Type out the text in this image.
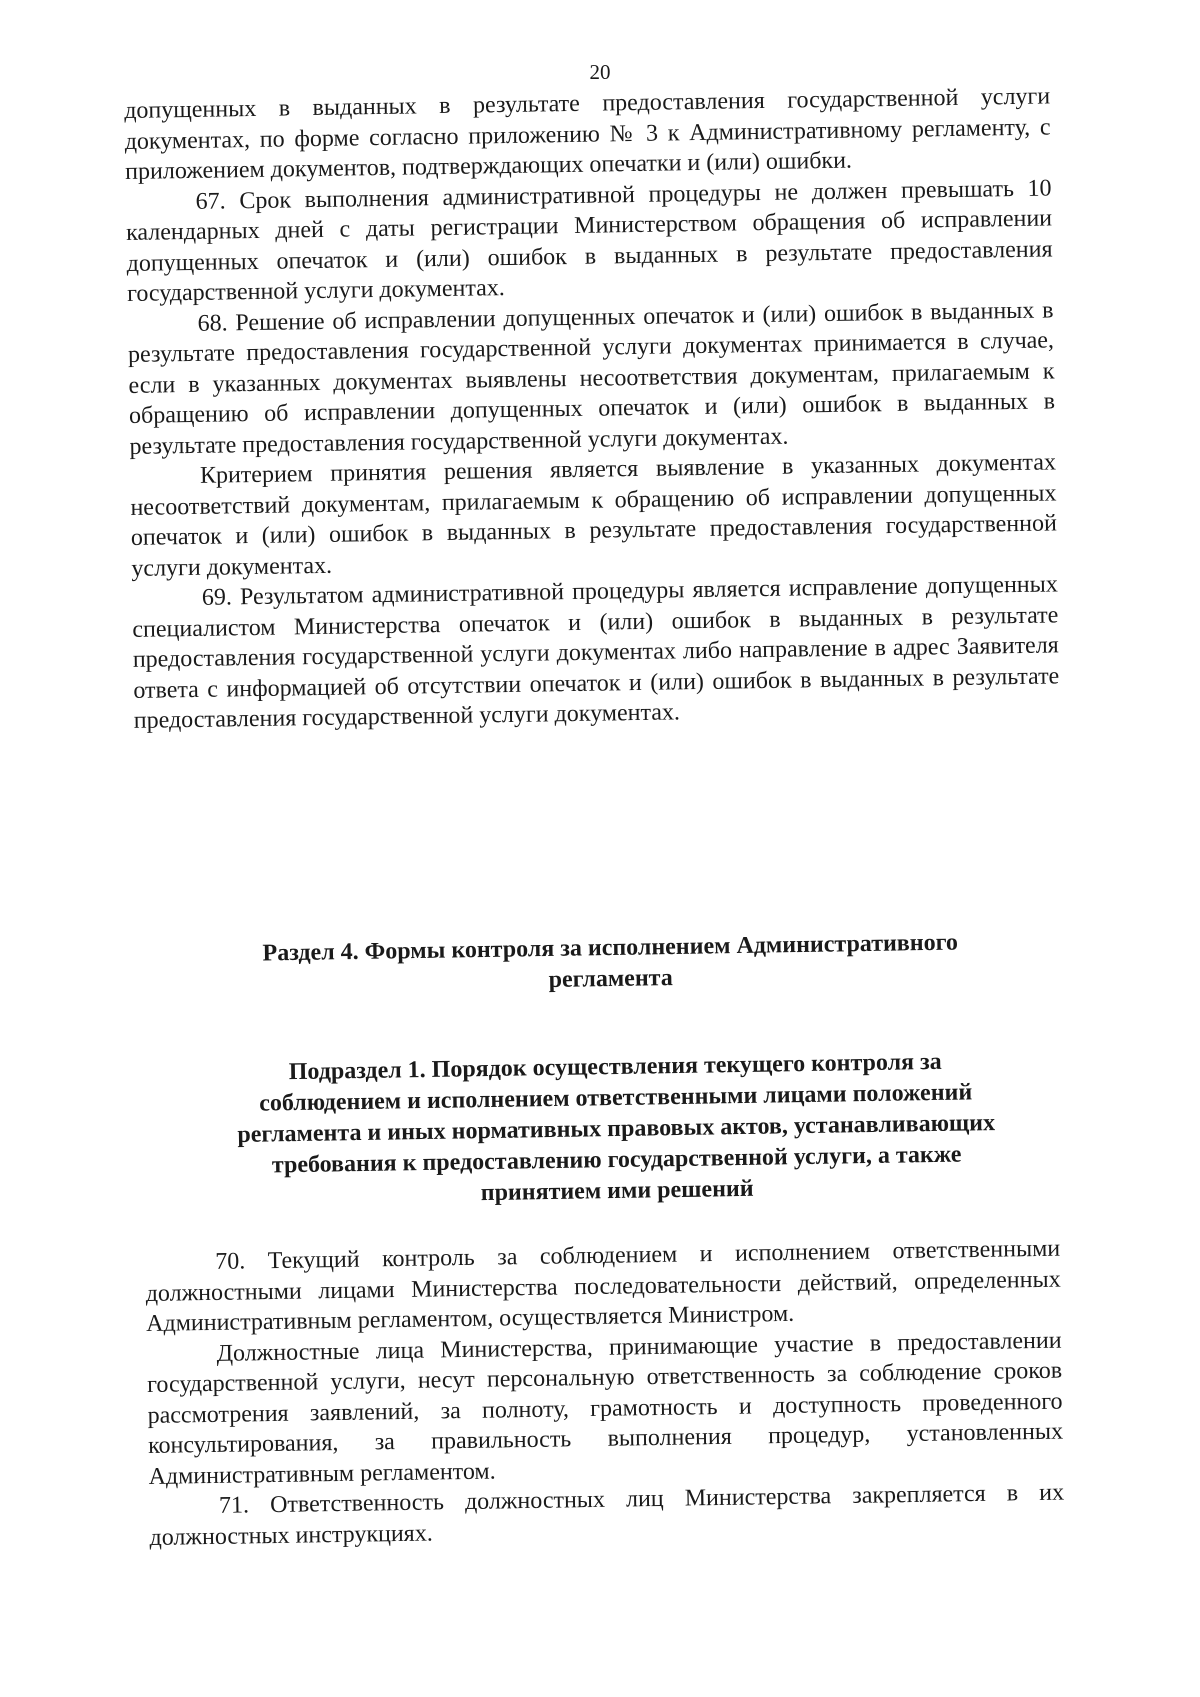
20

допущенных в выданных в результате предоставления государственной услуги документах, по форме согласно приложению № 3 к Административному регламенту, с приложением документов, подтверждающих опечатки и (или) ошибки.

67. Срок выполнения административной процедуры не должен превышать 10 календарных дней с даты регистрации Министерством обращения об исправлении допущенных опечаток и (или) ошибок в выданных в результате предоставления государственной услуги документах.

68. Решение об исправлении допущенных опечаток и (или) ошибок в выданных в результате предоставления государственной услуги документах принимается в случае, если в указанных документах выявлены несоответствия документам, прилагаемым к обращению об исправлении допущенных опечаток и (или) ошибок в выданных в результате предоставления государственной услуги документах.

Критерием принятия решения является выявление в указанных документах несоответствий документам, прилагаемым к обращению об исправлении допущенных опечаток и (или) ошибок в выданных в результате предоставления государственной услуги документах.

69. Результатом административной процедуры является исправление допущенных специалистом Министерства опечаток и (или) ошибок в выданных в результате предоставления государственной услуги документах либо направление в адрес Заявителя ответа с информацией об отсутствии опечаток и (или) ошибок в выданных в результате предоставления государственной услуги документах.

Раздел 4. Формы контроля за исполнением Административного
регламента
Подраздел 1. Порядок осуществления текущего контроля за
соблюдением и исполнением ответственными лицами положений
регламента и иных нормативных правовых актов, устанавливающих
требования к предоставлению государственной услуги, а также
принятием ими решений

70. Текущий контроль за соблюдением и исполнением ответственными должностными лицами Министерства последовательности действий, определенных Административным регламентом, осуществляется Министром.

Должностные лица Министерства, принимающие участие в предоставлении государственной услуги, несут персональную ответственность за соблюдение сроков рассмотрения заявлений, за полноту, грамотность и доступность проведенного консультирования, за правильность выполнения процедур, установленных Административным регламентом.

71. Ответственность должностных лиц Министерства закрепляется в их должностных инструкциях.
